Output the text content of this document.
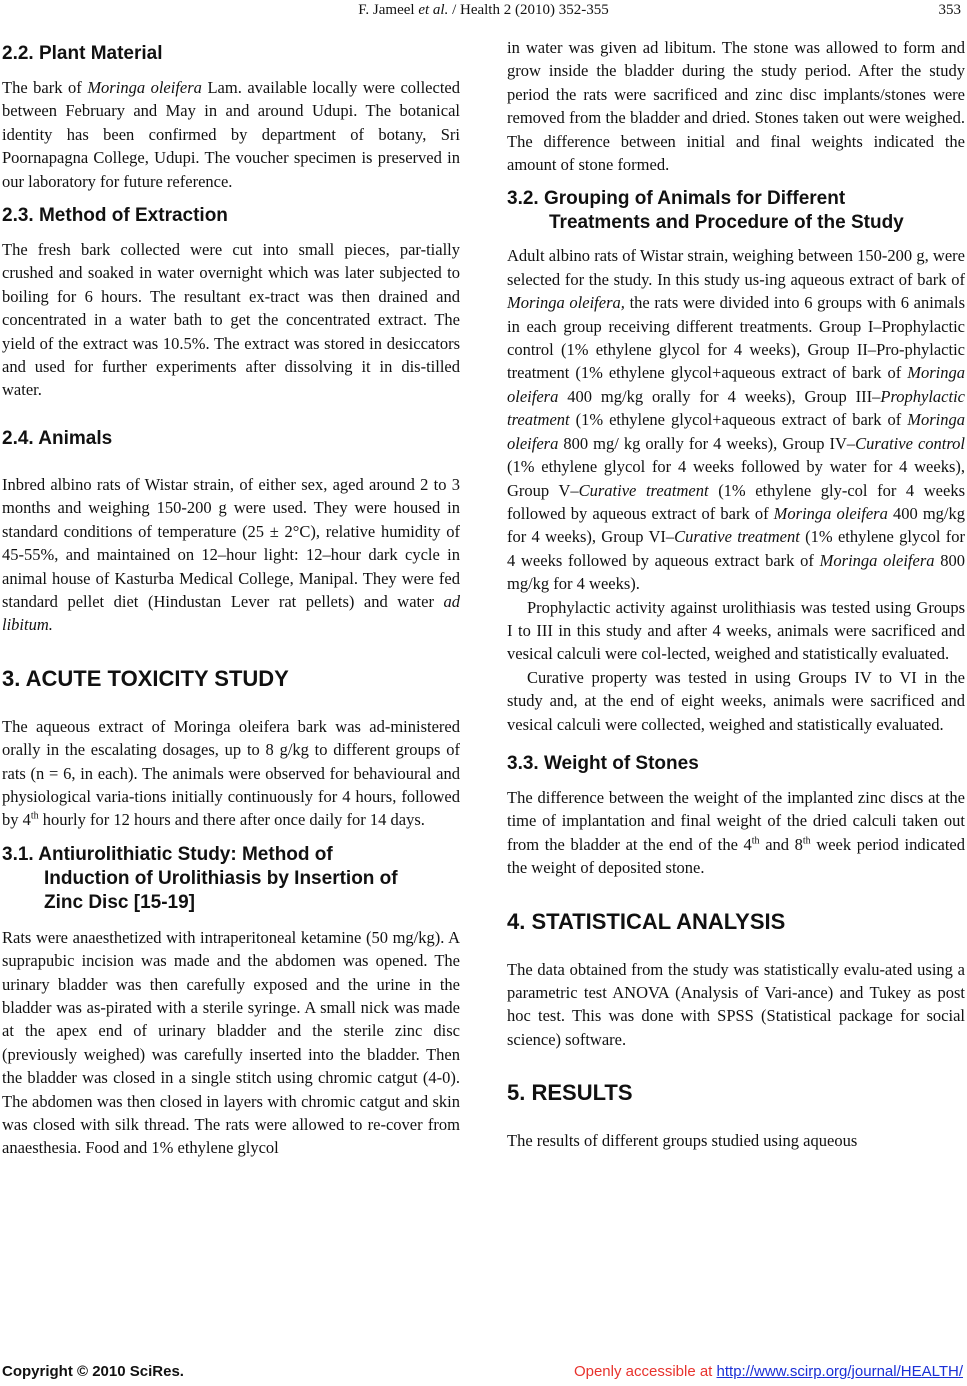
F. Jameel et al. / Health 2 (2010) 352-355	353
2.2. Plant Material

The bark of Moringa oleifera Lam. available locally were collected between February and May in and around Udupi. The botanical identity has been confirmed by department of botany, Sri Poornapagna College, Udupi. The voucher specimen is preserved in our laboratory for future reference.

2.3. Method of Extraction

The fresh bark collected were cut into small pieces, par-tially crushed and soaked in water overnight which was later subjected to boiling for 6 hours. The resultant ex-tract was then drained and concentrated in a water bath to get the concentrated extract. The yield of the extract was 10.5%. The extract was stored in desiccators and used for further experiments after dissolving it in dis-tilled water.

2.4. Animals

Inbred albino rats of Wistar strain, of either sex, aged around 2 to 3 months and weighing 150-200 g were used. They were housed in standard conditions of temperature (25 ± 2°C), relative humidity of 45-55%, and maintained on 12–hour light: 12–hour dark cycle in animal house of Kasturba Medical College, Manipal. They were fed standard pellet diet (Hindustan Lever rat pellets) and water ad libitum.

3. ACUTE TOXICITY STUDY

The aqueous extract of Moringa oleifera bark was ad-ministered orally in the escalating dosages, up to 8 g/kg to different groups of rats (n = 6, in each). The animals were observed for behavioural and physiological varia-tions initially continuously for 4 hours, followed by 4th hourly for 12 hours and there after once daily for 14 days.

3.1. Antiurolithiatic Study: Method of
Induction of Urolithiasis by Insertion of
Zinc Disc [15-19]

Rats were anaesthetized with intraperitoneal ketamine (50 mg/kg). A suprapubic incision was made and the abdomen was opened. The urinary bladder was then carefully exposed and the urine in the bladder was as-pirated with a sterile syringe. A small nick was made at the apex end of urinary bladder and the sterile zinc disc (previously weighed) was carefully inserted into the bladder. Then the bladder was closed in a single stitch using chromic catgut (4-0). The abdomen was then closed in layers with chromic catgut and skin was closed with silk thread. The rats were allowed to re-cover from anaesthesia. Food and 1% ethylene glycol

in water was given ad libitum. The stone was allowed to form and grow inside the bladder during the study period. After the study period the rats were sacrificed and zinc disc implants/stones were removed from the bladder and dried. Stones taken out were weighed. The difference between initial and final weights indicated the amount of stone formed.

3.2. Grouping of Animals for Different
Treatments and Procedure of the Study

Adult albino rats of Wistar strain, weighing between 150-200 g, were selected for the study. In this study us-ing aqueous extract of bark of Moringa oleifera, the rats were divided into 6 groups with 6 animals in each group receiving different treatments. Group I–Prophylactic control (1% ethylene glycol for 4 weeks), Group II–Pro-phylactic treatment (1% ethylene glycol+aqueous extract of bark of Moringa oleifera 400 mg/kg orally for 4 weeks), Group III–Prophylactic treatment (1% ethylene glycol+aqueous extract of bark of Moringa oleifera 800 mg/ kg orally for 4 weeks), Group IV–Curative control (1% ethylene glycol for 4 weeks followed by water for 4 weeks), Group V–Curative treatment (1% ethylene gly-col for 4 weeks followed by aqueous extract of bark of Moringa oleifera 400 mg/kg for 4 weeks), Group VI–Curative treatment (1% ethylene glycol for 4 weeks followed by aqueous extract bark of Moringa oleifera 800 mg/kg for 4 weeks).

Prophylactic activity against urolithiasis was tested using Groups I to III in this study and after 4 weeks, animals were sacrificed and vesical calculi were col-lected, weighed and statistically evaluated.

Curative property was tested in using Groups IV to VI in the study and, at the end of eight weeks, animals were sacrificed and vesical calculi were collected, weighed and statistically evaluated.

3.3. Weight of Stones

The difference between the weight of the implanted zinc discs at the time of implantation and final weight of the dried calculi taken out from the bladder at the end of the 4th and 8th week period indicated the weight of deposited stone.

4. STATISTICAL ANALYSIS

The data obtained from the study was statistically evalu-ated using a parametric test ANOVA (Analysis of Vari-ance) and Tukey as post hoc test. This was done with SPSS (Statistical package for social science) software.

5. RESULTS

The results of different groups studied using aqueous

Copyright © 2010 SciRes.	Openly accessible at http://www.scirp.org/journal/HEALTH/
